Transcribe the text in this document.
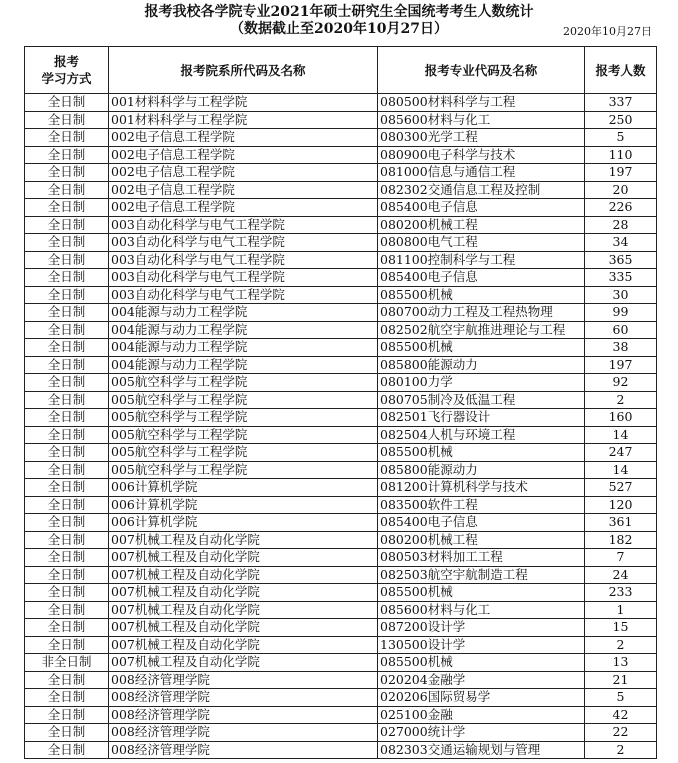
报考我校各学院专业2021年硕士研究生全国统考考生人数统计
（数据截止至2020年10月27日）	2020年10月27日
报考
学习方式	报考院系所代码及名称	报考专业代码及名称	报考人数
全日制	001材料科学与工程学院	080500材料科学与工程	337
全日制	001材料科学与工程学院	085600材料与化工	250
全日制	002电子信息工程学院	080300光学工程	5
全日制	002电子信息工程学院	080900电子科学与技术	110
全日制	002电子信息工程学院	081000信息与通信工程	197
全日制	002电子信息工程学院	082302交通信息工程及控制	20
全日制	002电子信息工程学院	085400电子信息	226
全日制	003自动化科学与电气工程学院	080200机械工程	28
全日制	003自动化科学与电气工程学院	080800电气工程	34
全日制	003自动化科学与电气工程学院	081100控制科学与工程	365
全日制	003自动化科学与电气工程学院	085400电子信息	335
全日制	003自动化科学与电气工程学院	085500机械	30
全日制	004能源与动力工程学院	080700动力工程及工程热物理	99
全日制	004能源与动力工程学院	082502航空宇航推进理论与工程	60
全日制	004能源与动力工程学院	085500机械	38
全日制	004能源与动力工程学院	085800能源动力	197
全日制	005航空科学与工程学院	080100力学	92
全日制	005航空科学与工程学院	080705制冷及低温工程	2
全日制	005航空科学与工程学院	082501飞行器设计	160
全日制	005航空科学与工程学院	082504人机与环境工程	14
全日制	005航空科学与工程学院	085500机械	247
全日制	005航空科学与工程学院	085800能源动力	14
全日制	006计算机学院	081200计算机科学与技术	527
全日制	006计算机学院	083500软件工程	120
全日制	006计算机学院	085400电子信息	361
全日制	007机械工程及自动化学院	080200机械工程	182
全日制	007机械工程及自动化学院	080503材料加工工程	7
全日制	007机械工程及自动化学院	082503航空宇航制造工程	24
全日制	007机械工程及自动化学院	085500机械	233
全日制	007机械工程及自动化学院	085600材料与化工	1
全日制	007机械工程及自动化学院	087200设计学	15
全日制	007机械工程及自动化学院	130500设计学	2
非全日制	007机械工程及自动化学院	085500机械	13
全日制	008经济管理学院	020204金融学	21
全日制	008经济管理学院	020206国际贸易学	5
全日制	008经济管理学院	025100金融	42
全日制	008经济管理学院	027000统计学	22
全日制	008经济管理学院	082303交通运输规划与管理	2
